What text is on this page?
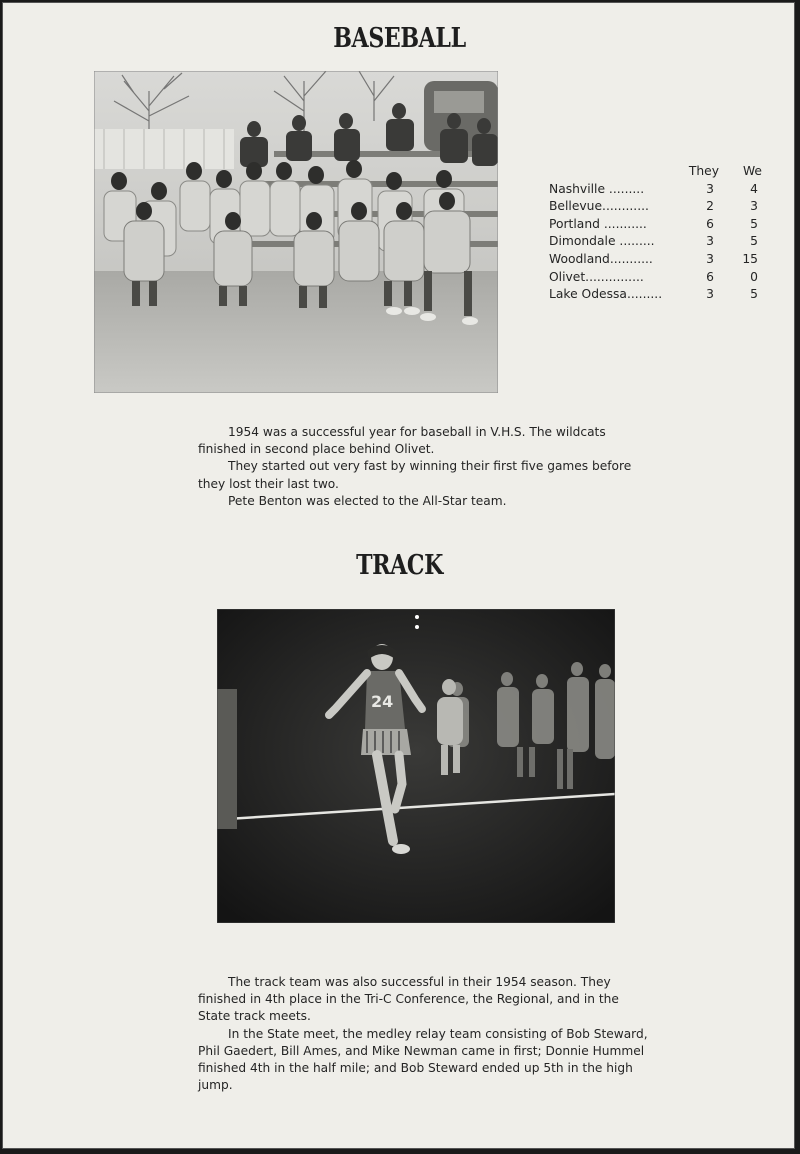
BASEBALL
They We
Nashville .........	3	4
Bellevue............	2	3
Portland ...........	6	5
Dimondale .........	3	5
Woodland...........	3 15
Olivet...............	6	0
Lake Odessa.........	3	5

1954 was a successful year for baseball in V.H.S. The wildcats finished in second place behind Olivet.

They started out very fast by winning their first five games before they lost their last two.

Pete Benton was elected to the All-Star team.

TRACK
24

The track team was also successful in their 1954 season. They finished in 4th place in the Tri-C Conference, the Regional, and in the State track meets.

In the State meet, the medley relay team consisting of Bob Steward, Phil Gaedert, Bill Ames, and Mike Newman came in first; Donnie Hummel finished 4th in the half mile; and Bob Steward ended up 5th in the high jump.
